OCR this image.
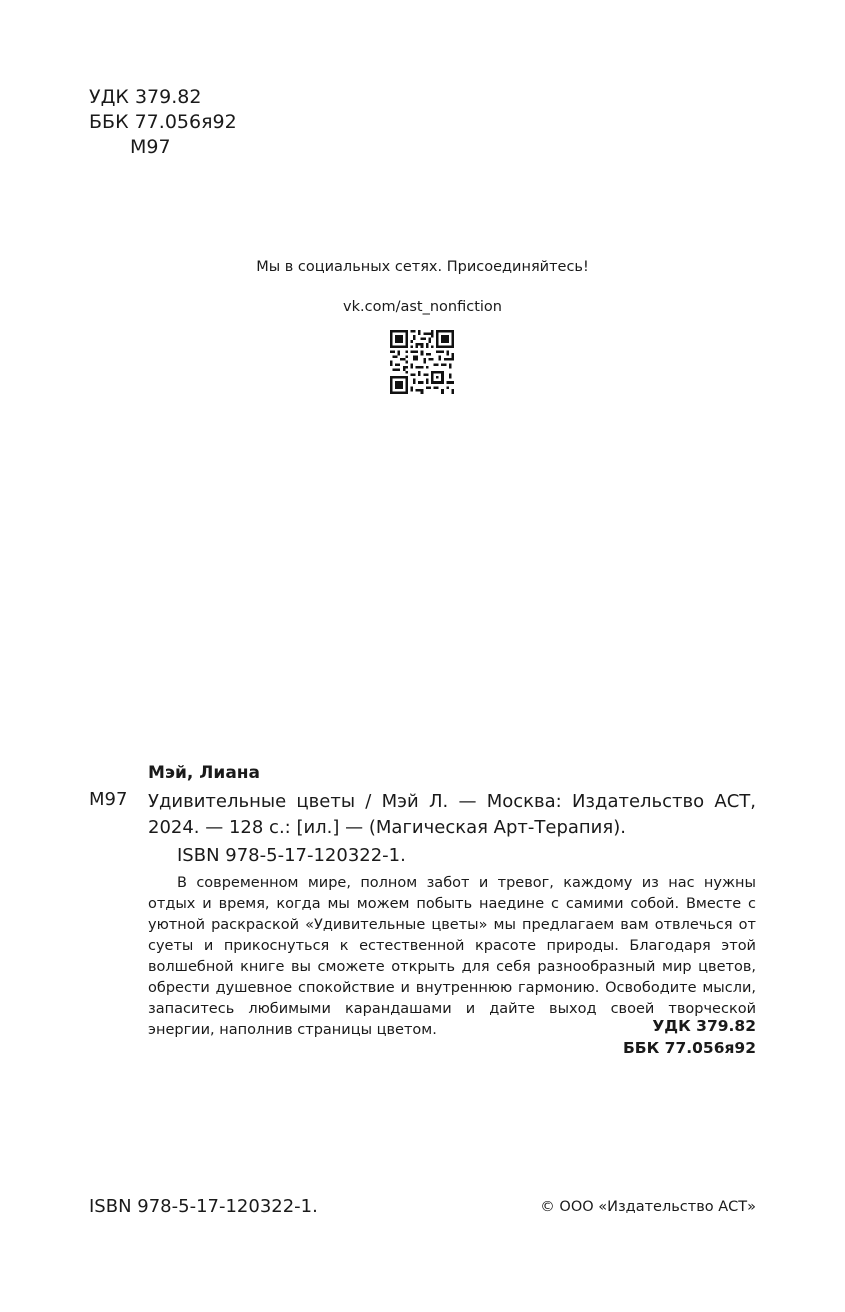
УДК 379.82
ББК 77.056я92
М97
Мы в социальных сетях. Присоединяйтесь!
vk.com/ast_nonfiction
Мэй, Лиана
М97 Удивительные цветы / Мэй Л. — Москва: Издательство АСТ,
2024. — 128 с.: [ил.] — (Магическая Арт-Терапия).
ISBN 978-5-17-120322-1.
В современном мире, полном забот и тревог, каждому из нас нужны отдых и время, когда мы можем побыть наедине с самими собой. Вместе с уютной раскраской «Удивительные цветы» мы предлагаем вам отвлечься от суеты и прикоснуться к естественной красоте природы. Благодаря этой волшебной книге вы сможете открыть для себя разнообразный мир цветов, обрести душевное спокойствие и внутреннюю гармонию. Освободите мысли, запаситесь любимыми карандашами и дайте выход своей творческой энергии, наполнив страницы цветом.	УДК 379.82
ББК 77.056я92
ISBN 978-5-17-120322-1.	© ООО «Издательство АСТ»
